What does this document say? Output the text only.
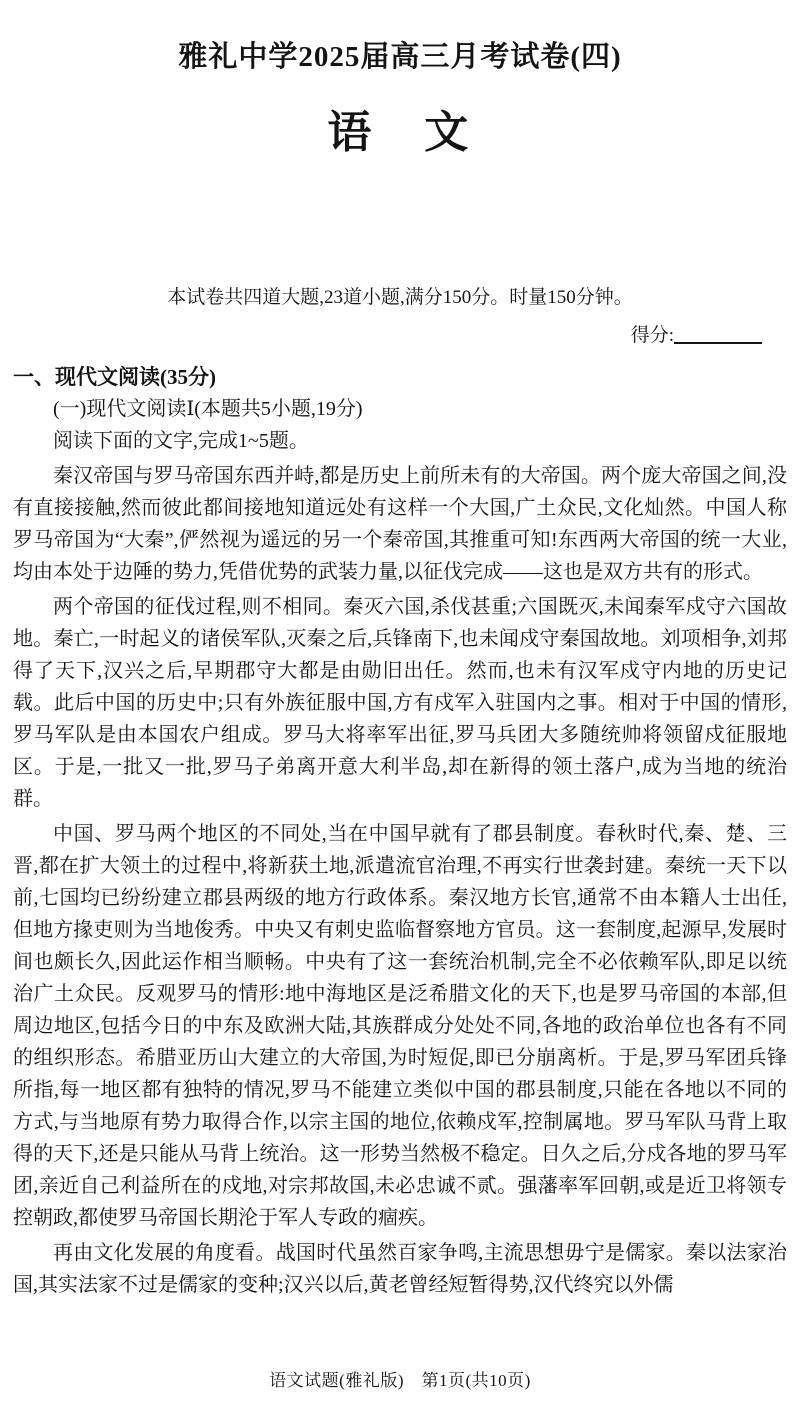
雅礼中学2025届高三月考试卷(四)
语　文

本试卷共四道大题,23道小题,满分150分。时量150分钟。

得分:
一、现代文阅读(35分)

(一)现代文阅读Ⅰ(本题共5小题,19分)

阅读下面的文字,完成1~5题。

秦汉帝国与罗马帝国东西并峙,都是历史上前所未有的大帝国。两个庞大帝国之间,没有直接接触,然而彼此都间接地知道远处有这样一个大国,广土众民,文化灿然。中国人称罗马帝国为“大秦”,俨然视为遥远的另一个秦帝国,其推重可知!东西两大帝国的统一大业,均由本处于边陲的势力,凭借优势的武装力量,以征伐完成——这也是双方共有的形式。

两个帝国的征伐过程,则不相同。秦灭六国,杀伐甚重;六国既灭,未闻秦军戍守六国故地。秦亡,一时起义的诸侯军队,灭秦之后,兵锋南下,也未闻戍守秦国故地。刘项相争,刘邦得了天下,汉兴之后,早期郡守大都是由勋旧出任。然而,也未有汉军戍守内地的历史记载。此后中国的历史中;只有外族征服中国,方有戍军入驻国内之事。相对于中国的情形,罗马军队是由本国农户组成。罗马大将率军出征,罗马兵团大多随统帅将领留戍征服地区。于是,一批又一批,罗马子弟离开意大利半岛,却在新得的领土落户,成为当地的统治群。

中国、罗马两个地区的不同处,当在中国早就有了郡县制度。春秋时代,秦、楚、三晋,都在扩大领土的过程中,将新获土地,派遣流官治理,不再实行世袭封建。秦统一天下以前,七国均已纷纷建立郡县两级的地方行政体系。秦汉地方长官,通常不由本籍人士出任,但地方掾吏则为当地俊秀。中央又有刺史监临督察地方官员。这一套制度,起源早,发展时间也颇长久,因此运作相当顺畅。中央有了这一套统治机制,完全不必依赖军队,即足以统治广土众民。反观罗马的情形:地中海地区是泛希腊文化的天下,也是罗马帝国的本部,但周边地区,包括今日的中东及欧洲大陆,其族群成分处处不同,各地的政治单位也各有不同的组织形态。希腊亚历山大建立的大帝国,为时短促,即已分崩离析。于是,罗马军团兵锋所指,每一地区都有独特的情况,罗马不能建立类似中国的郡县制度,只能在各地以不同的方式,与当地原有势力取得合作,以宗主国的地位,依赖戍军,控制属地。罗马军队马背上取得的天下,还是只能从马背上统治。这一形势当然极不稳定。日久之后,分戍各地的罗马军团,亲近自己利益所在的戍地,对宗邦故国,未必忠诚不贰。强藩率军回朝,或是近卫将领专控朝政,都使罗马帝国长期沦于军人专政的痼疾。

再由文化发展的角度看。战国时代虽然百家争鸣,主流思想毋宁是儒家。秦以法家治国,其实法家不过是儒家的变种;汉兴以后,黄老曾经短暂得势,汉代终究以外儒

语文试题(雅礼版)　第1页(共10页)
